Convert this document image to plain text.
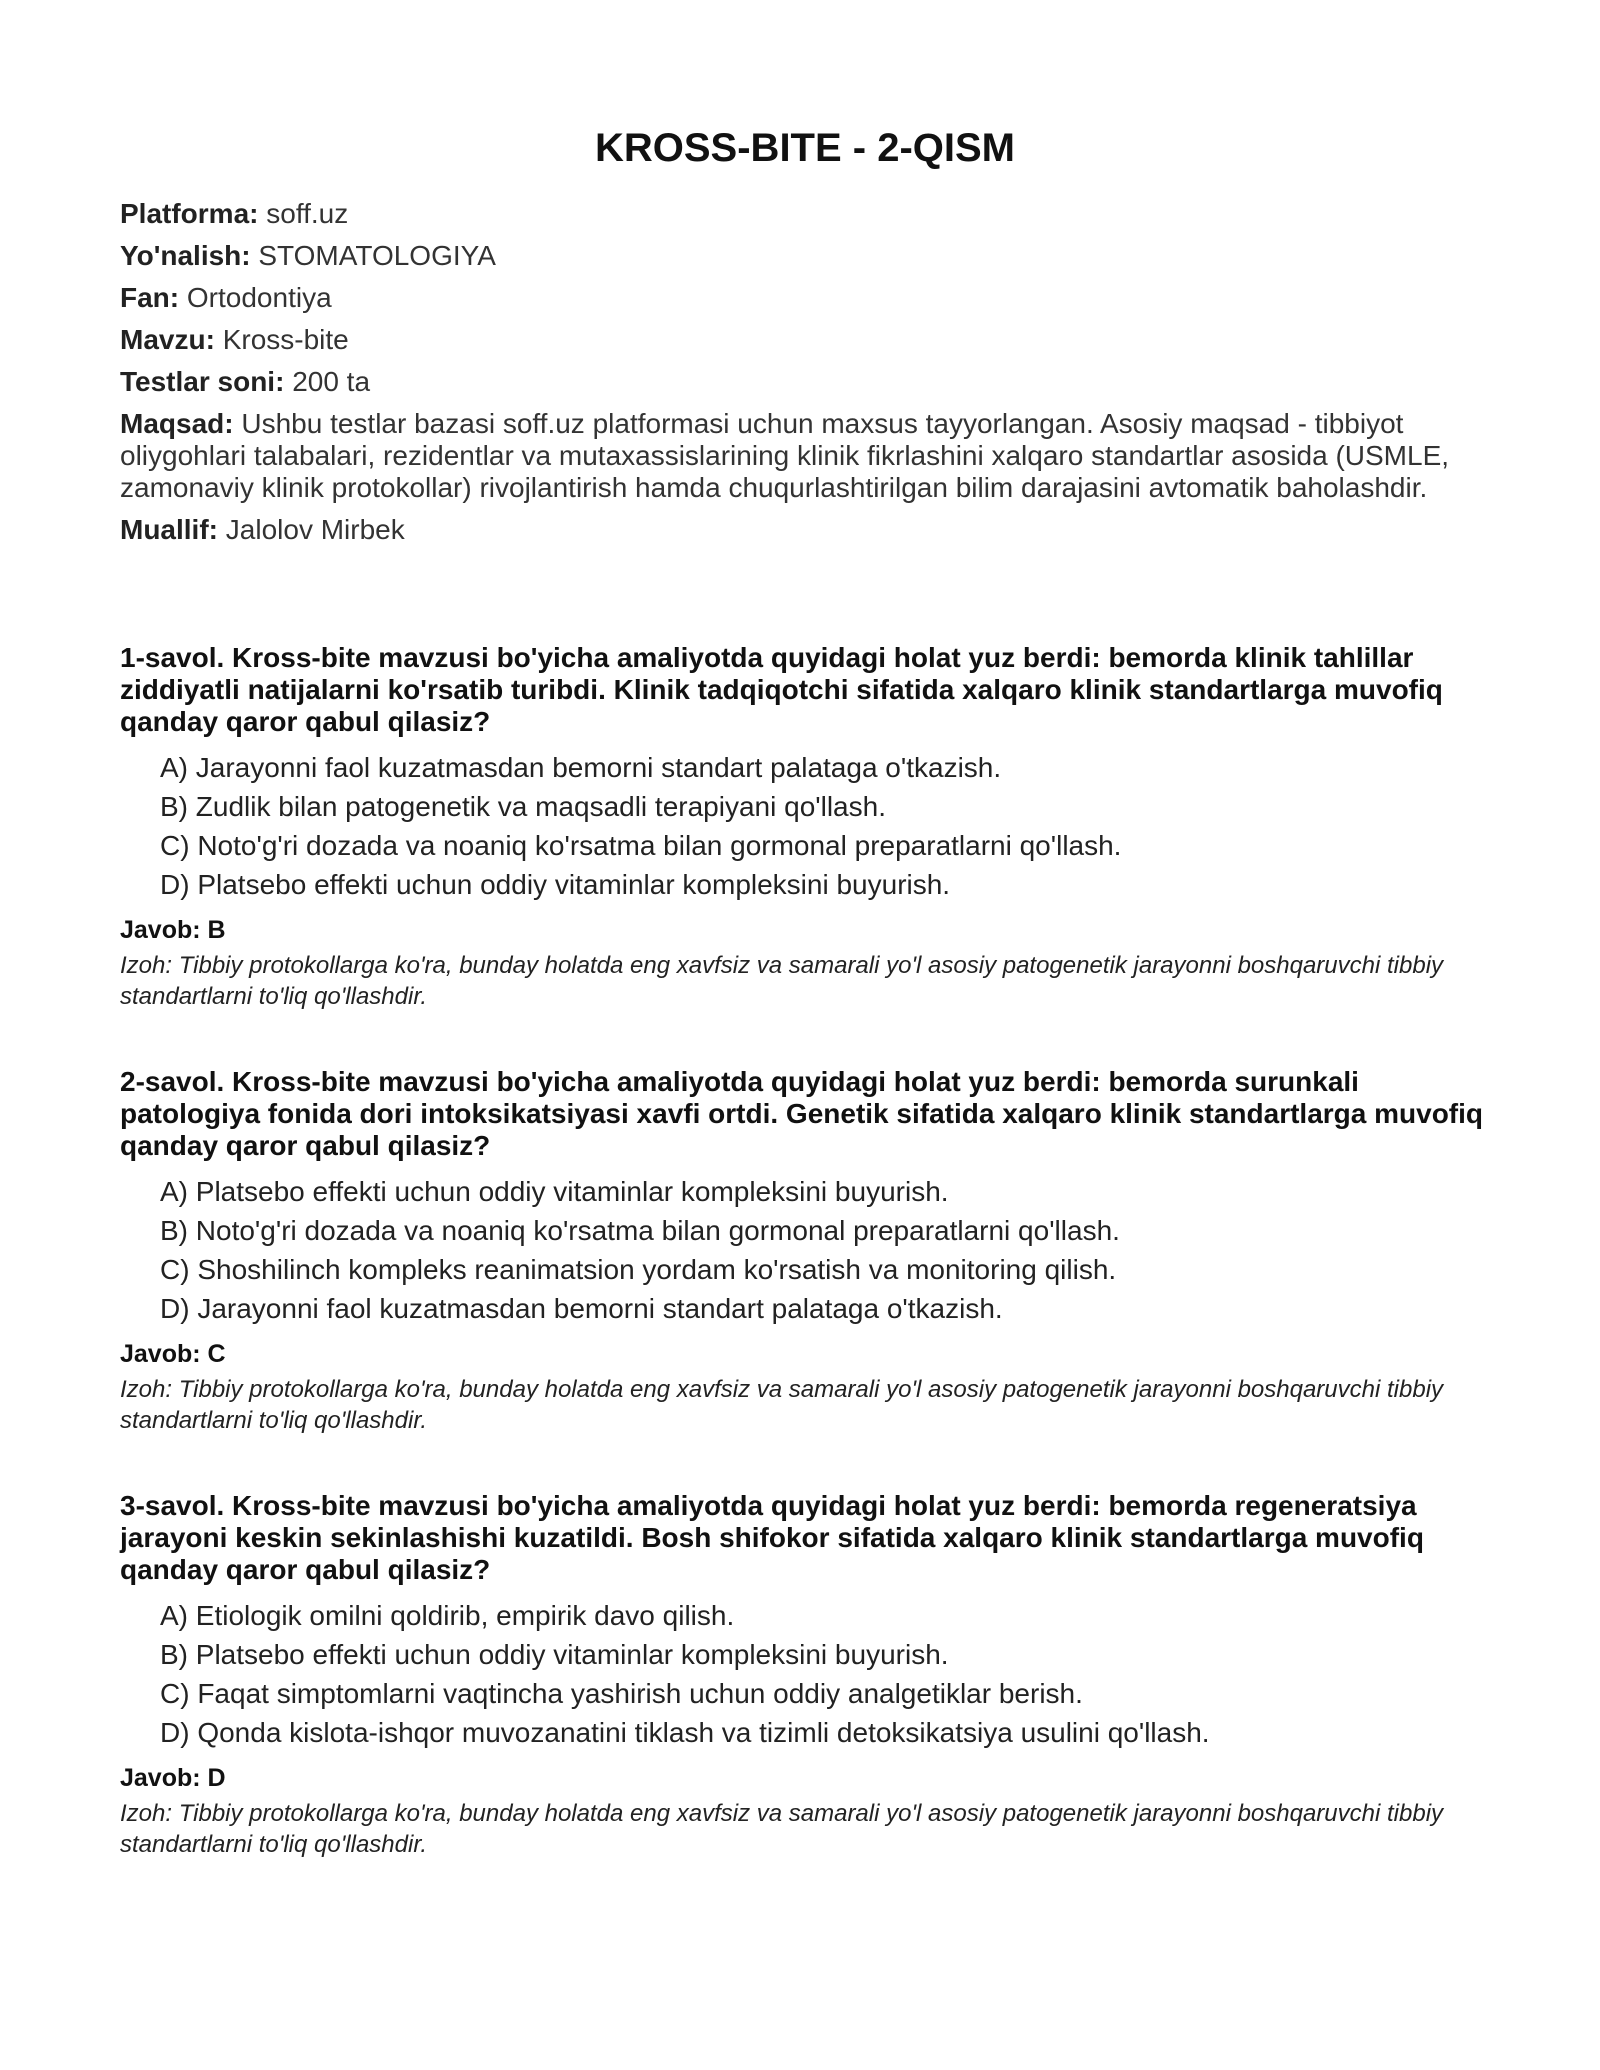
KROSS-BITE - 2-QISM
Platforma: soff.uz
Yo'nalish: STOMATOLOGIYA
Fan: Ortodontiya
Mavzu: Kross-bite
Testlar soni: 200 ta
Maqsad: Ushbu testlar bazasi soff.uz platformasi uchun maxsus tayyorlangan. Asosiy maqsad - tibbiyot oliygohlari talabalari, rezidentlar va mutaxassislarining klinik fikrlashini xalqaro standartlar asosida (USMLE, zamonaviy klinik protokollar) rivojlantirish hamda chuqurlashtirilgan bilim darajasini avtomatik baholashdir.
Muallif: Jalolov Mirbek
1-savol. Kross-bite mavzusi bo'yicha amaliyotda quyidagi holat yuz berdi: bemorda klinik tahlillar ziddiyatli natijalarni ko'rsatib turibdi. Klinik tadqiqotchi sifatida xalqaro klinik standartlarga muvofiq qanday qaror qabul qilasiz?
A) Jarayonni faol kuzatmasdan bemorni standart palataga o'tkazish.
B) Zudlik bilan patogenetik va maqsadli terapiyani qo'llash.
C) Noto'g'ri dozada va noaniq ko'rsatma bilan gormonal preparatlarni qo'llash.
D) Platsebo effekti uchun oddiy vitaminlar kompleksini buyurish.
Javob: B
Izoh: Tibbiy protokollarga ko'ra, bunday holatda eng xavfsiz va samarali yo'l asosiy patogenetik jarayonni boshqaruvchi tibbiy standartlarni to'liq qo'llashdir.
2-savol. Kross-bite mavzusi bo'yicha amaliyotda quyidagi holat yuz berdi: bemorda surunkali patologiya fonida dori intoksikatsiyasi xavfi ortdi. Genetik sifatida xalqaro klinik standartlarga muvofiq qanday qaror qabul qilasiz?
A) Platsebo effekti uchun oddiy vitaminlar kompleksini buyurish.
B) Noto'g'ri dozada va noaniq ko'rsatma bilan gormonal preparatlarni qo'llash.
C) Shoshilinch kompleks reanimatsion yordam ko'rsatish va monitoring qilish.
D) Jarayonni faol kuzatmasdan bemorni standart palataga o'tkazish.
Javob: C
Izoh: Tibbiy protokollarga ko'ra, bunday holatda eng xavfsiz va samarali yo'l asosiy patogenetik jarayonni boshqaruvchi tibbiy standartlarni to'liq qo'llashdir.
3-savol. Kross-bite mavzusi bo'yicha amaliyotda quyidagi holat yuz berdi: bemorda regeneratsiya jarayoni keskin sekinlashishi kuzatildi. Bosh shifokor sifatida xalqaro klinik standartlarga muvofiq qanday qaror qabul qilasiz?
A) Etiologik omilni qoldirib, empirik davo qilish.
B) Platsebo effekti uchun oddiy vitaminlar kompleksini buyurish.
C) Faqat simptomlarni vaqtincha yashirish uchun oddiy analgetiklar berish.
D) Qonda kislota-ishqor muvozanatini tiklash va tizimli detoksikatsiya usulini qo'llash.
Javob: D
Izoh: Tibbiy protokollarga ko'ra, bunday holatda eng xavfsiz va samarali yo'l asosiy patogenetik jarayonni boshqaruvchi tibbiy standartlarni to'liq qo'llashdir.
